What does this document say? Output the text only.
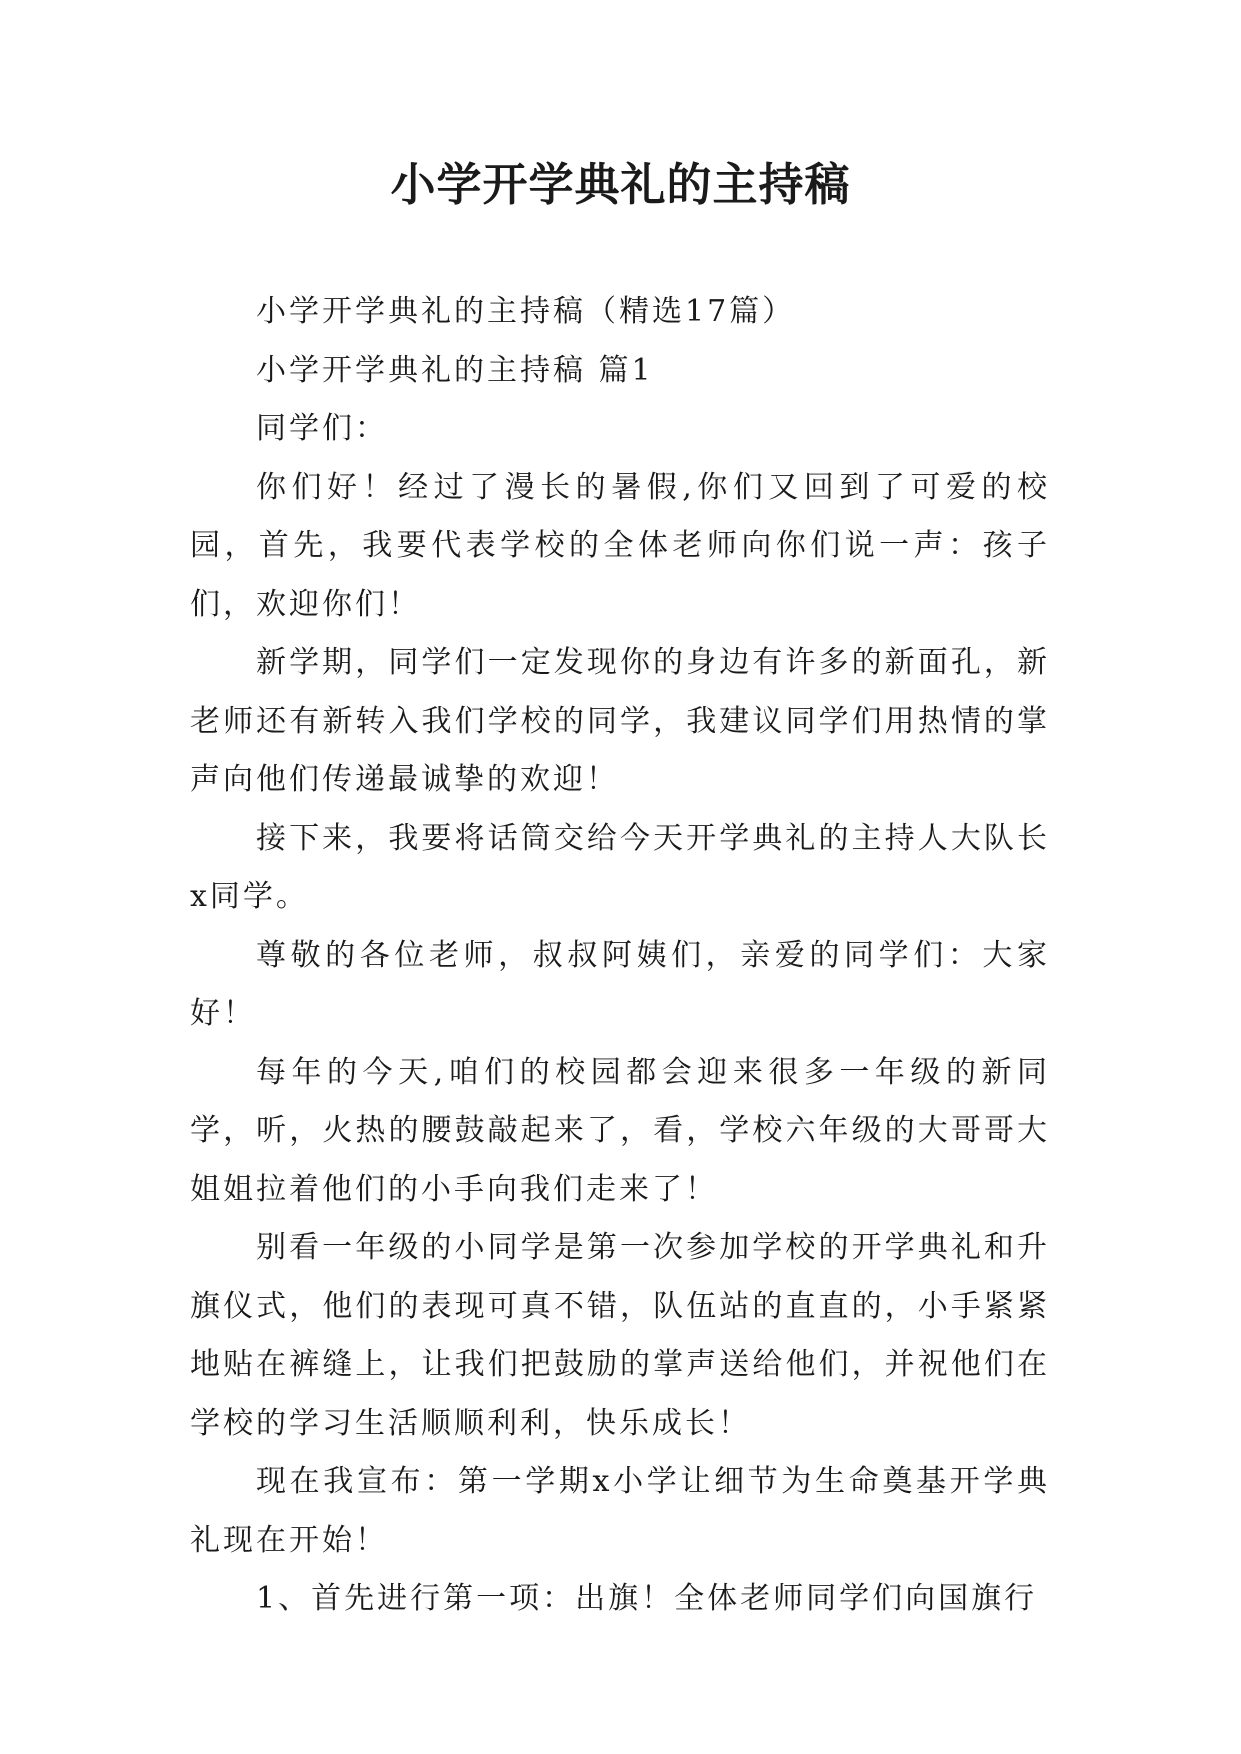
小学开学典礼的主持稿

小学开学典礼的主持稿（精选17篇）

小学开学典礼的主持稿 篇1

同学们：

你们好！经过了漫长的暑假,你们又回到了可爱的校园，首先，我要代表学校的全体老师向你们说一声：孩子们，欢迎你们！

新学期，同学们一定发现你的身边有许多的新面孔，新老师还有新转入我们学校的同学，我建议同学们用热情的掌声向他们传递最诚挚的欢迎！

接下来，我要将话筒交给今天开学典礼的主持人大队长x同学。

尊敬的各位老师，叔叔阿姨们，亲爱的同学们：大家好！

每年的今天,咱们的校园都会迎来很多一年级的新同学，听，火热的腰鼓敲起来了，看，学校六年级的大哥哥大姐姐拉着他们的小手向我们走来了！

别看一年级的小同学是第一次参加学校的开学典礼和升旗仪式，他们的表现可真不错，队伍站的直直的，小手紧紧地贴在裤缝上，让我们把鼓励的掌声送给他们，并祝他们在学校的学习生活顺顺利利，快乐成长！

现在我宣布：第一学期x小学让细节为生命奠基开学典礼现在开始！

1、首先进行第一项：出旗！全体老师同学们向国旗行
